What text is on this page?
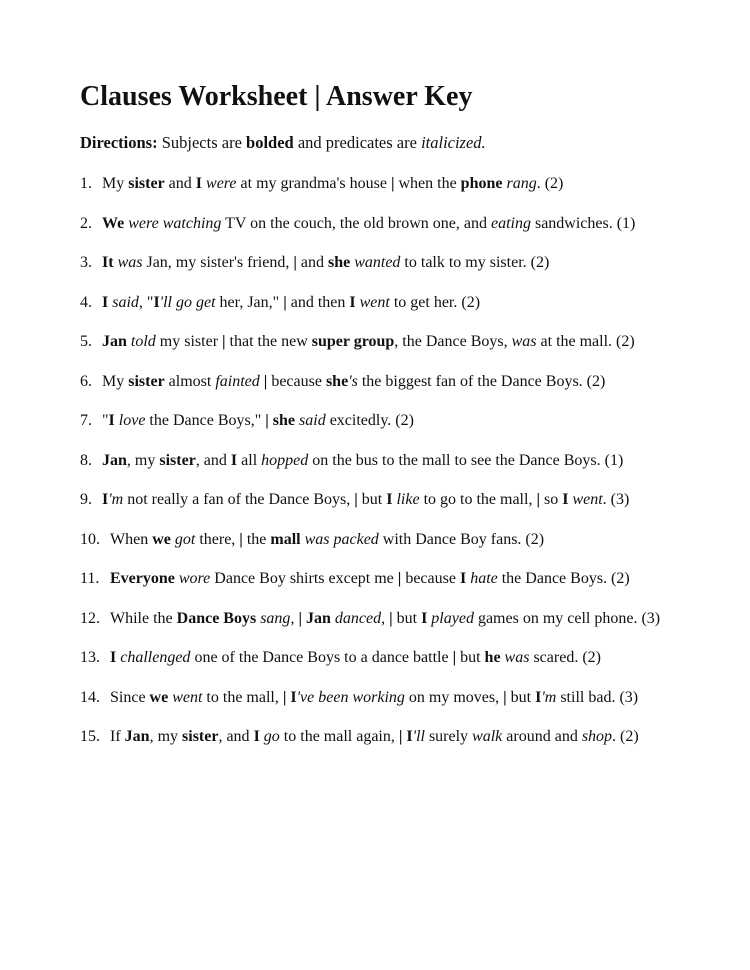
Clauses Worksheet | Answer Key

Directions: Subjects are bolded and predicates are italicized.

1. My sister and I were at my grandma's house | when the phone rang. (2)
2. We were watching TV on the couch, the old brown one, and eating sandwiches. (1)
3. It was Jan, my sister's friend, | and she wanted to talk to my sister. (2)
4. I said, "I'll go get her, Jan," | and then I went to get her. (2)
5. Jan told my sister | that the new super group, the Dance Boys, was at the mall. (2)
6. My sister almost fainted | because she's the biggest fan of the Dance Boys. (2)
7. "I love the Dance Boys," | she said excitedly. (2)
8. Jan, my sister, and I all hopped on the bus to the mall to see the Dance Boys. (1)
9. I'm not really a fan of the Dance Boys, | but I like to go to the mall, | so I went. (3)
10. When we got there, | the mall was packed with Dance Boy fans. (2)
11. Everyone wore Dance Boy shirts except me | because I hate the Dance Boys. (2)
12. While the Dance Boys sang, | Jan danced, | but I played games on my cell phone. (3)
13. I challenged one of the Dance Boys to a dance battle | but he was scared. (2)
14. Since we went to the mall, | I've been working on my moves, | but I'm still bad. (3)
15. If Jan, my sister, and I go to the mall again, | I'll surely walk around and shop. (2)
